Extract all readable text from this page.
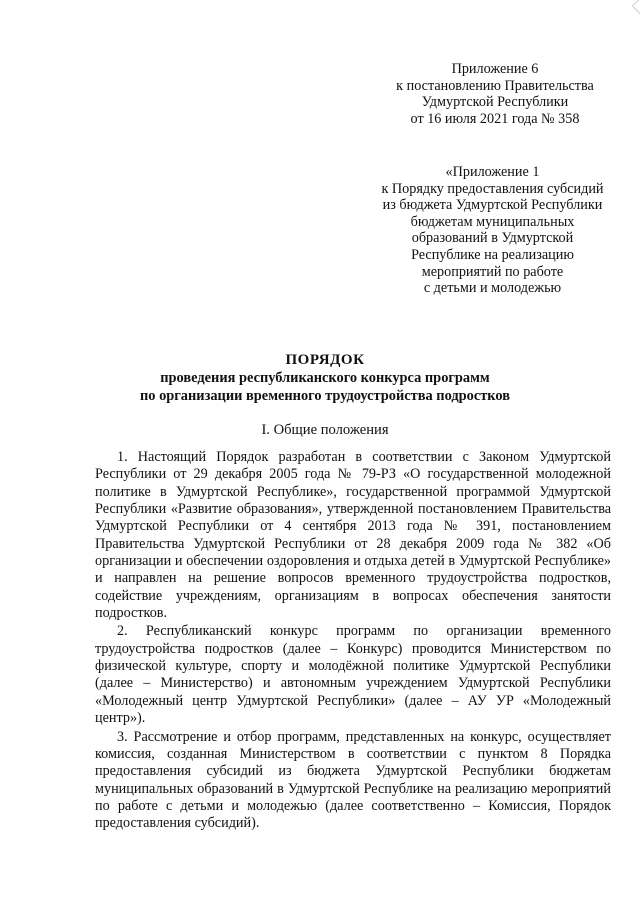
Приложение 6
к постановлению Правительства
Удмуртской Республики
от 16 июля 2021 года № 358
«Приложение 1
к Порядку предоставления субсидий
из бюджета Удмуртской Республики
бюджетам муниципальных
образований в Удмуртской
Республике на реализацию
мероприятий по работе
с детьми и молодежью
ПОРЯДОК
проведения республиканского конкурса программ
по организации временного трудоустройства подростков
I. Общие положения

1. Настоящий Порядок разработан в соответствии с Законом Удмуртской Республики от 29 декабря 2005 года № 79-РЗ «О государственной молодежной политике в Удмуртской Республике», государственной программой Удмуртской Республики «Развитие образования», утвержденной постановлением Правительства Удмуртской Республики от 4 сентября 2013 года № 391, постановлением Правительства Удмуртской Республики от 28 декабря 2009 года № 382 «Об организации и обеспечении оздоровления и отдыха детей в Удмуртской Республике» и направлен на решение вопросов временного трудоустройства подростков, содействие учреждениям, организациям в вопросах обеспечения занятости подростков.

2. Республиканский конкурс программ по организации временного трудоустройства подростков (далее – Конкурс) проводится Министерством по физической культуре, спорту и молодёжной политике Удмуртской Республики (далее – Министерство) и автономным учреждением Удмуртской Республики «Молодежный центр Удмуртской Республики» (далее – АУ УР «Молодежный центр»).

3. Рассмотрение и отбор программ, представленных на конкурс, осуществляет комиссия, созданная Министерством в соответствии с пунктом 8 Порядка предоставления субсидий из бюджета Удмуртской Республики бюджетам муниципальных образований в Удмуртской Республике на реализацию мероприятий по работе с детьми и молодежью (далее соответственно – Комиссия, Порядок предоставления субсидий).
